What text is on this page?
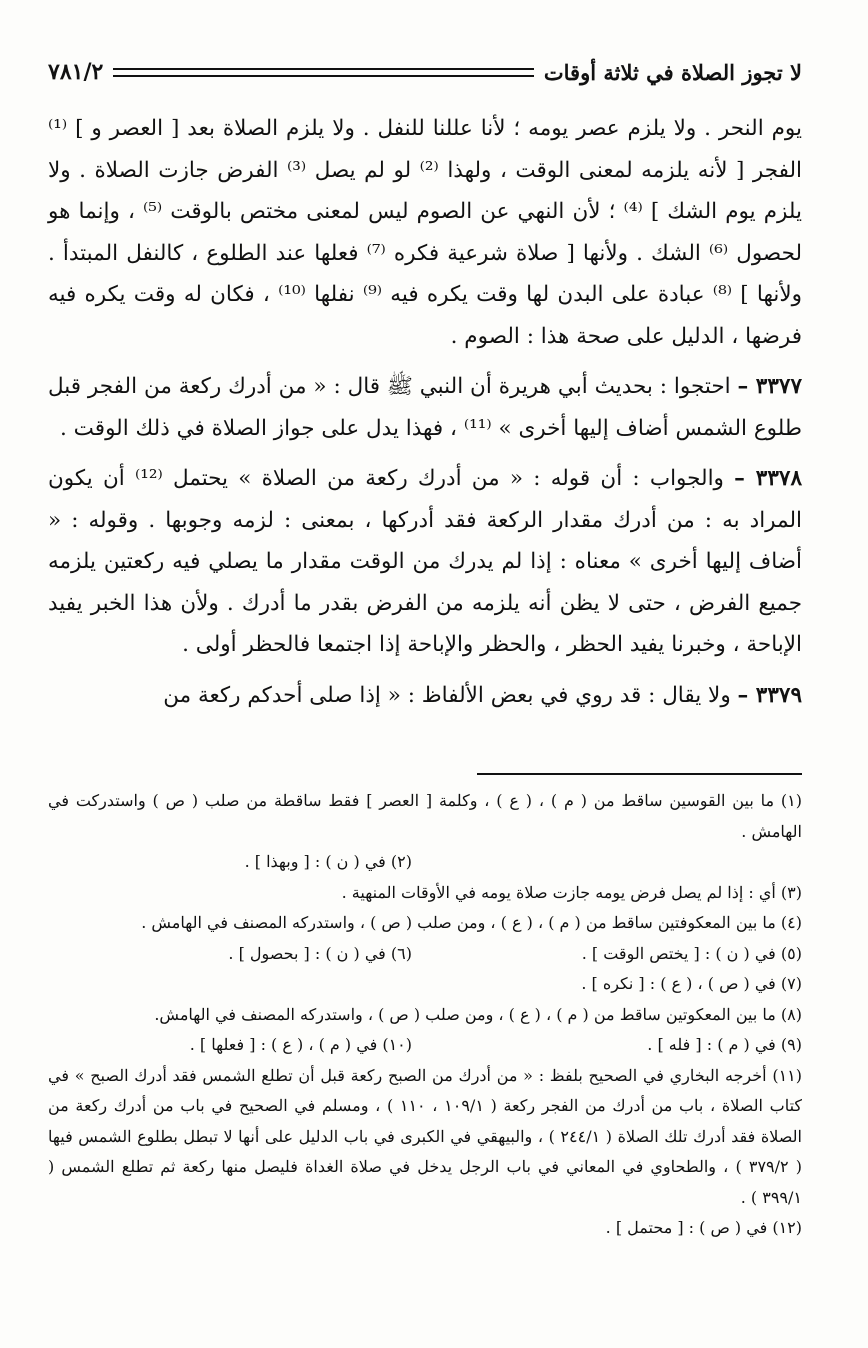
لا تجوز الصلاة في ثلاثة أوقات
٧٨١/٢

يوم النحر . ولا يلزم عصر يومه ؛ لأنا عللنا للنفل . ولا يلزم الصلاة بعد [ العصر و ] ⁽¹⁾ الفجر [ لأنه يلزمه لمعنى الوقت ، ولهذا ⁽²⁾ لو لم يصل ⁽³⁾ الفرض جازت الصلاة . ولا يلزم يوم الشك ] ⁽⁴⁾ ؛ لأن النهي عن الصوم ليس لمعنى مختص بالوقت ⁽⁵⁾ ، وإنما هو لحصول ⁽⁶⁾ الشك . ولأنها [ صلاة شرعية فكره ⁽⁷⁾ فعلها عند الطلوع ، كالنفل المبتدأ . ولأنها ] ⁽⁸⁾ عبادة على البدن لها وقت يكره فيه ⁽⁹⁾ نفلها ⁽¹⁰⁾ ، فكان له وقت يكره فيه فرضها ، الدليل على صحة هذا : الصوم .

٣٣٧٧ – احتجوا : بحديث أبي هريرة أن النبي ﷺ قال : « من أدرك ركعة من الفجر قبل طلوع الشمس أضاف إليها أخرى » ⁽¹¹⁾ ، فهذا يدل على جواز الصلاة في ذلك الوقت .

٣٣٧٨ – والجواب : أن قوله : « من أدرك ركعة من الصلاة » يحتمل ⁽¹²⁾ أن يكون المراد به : من أدرك مقدار الركعة فقد أدركها ، بمعنى : لزمه وجوبها . وقوله : « أضاف إليها أخرى » معناه : إذا لم يدرك من الوقت مقدار ما يصلي فيه ركعتين يلزمه جميع الفرض ، حتى لا يظن أنه يلزمه من الفرض بقدر ما أدرك . ولأن هذا الخبر يفيد الإباحة ، وخبرنا يفيد الحظر ، والحظر والإباحة إذا اجتمعا فالحظر أولى .

٣٣٧٩ – ولا يقال : قد روي في بعض الألفاظ : « إذا صلى أحدكم ركعة من

(١) ما بين القوسين ساقط من ( م ) ، ( ع ) ، وكلمة [ العصر ] فقط ساقطة من صلب ( ص ) واستدركت في الهامش .

(٢) في ( ن ) : [ وبهذا ] .

(٣) أي : إذا لم يصل فرض يومه جازت صلاة يومه في الأوقات المنهية .

(٤) ما بين المعكوفتين ساقط من ( م ) ، ( ع ) ، ومن صلب ( ص ) ، واستدركه المصنف في الهامش .

(٥) في ( ن ) : [ يختص الوقت ] .
(٦) في ( ن ) : [ بحصول ] .

(٧) في ( ص ) ، ( ع ) : [ نكره ] .

(٨) ما بين المعكوتين ساقط من ( م ) ، ( ع ) ، ومن صلب ( ص ) ، واستدركه المصنف في الهامش.

(٩) في ( م ) : [ فله ] .
(١٠) في ( م ) ، ( ع ) : [ فعلها ] .

(١١) أخرجه البخاري في الصحيح بلفظ : « من أدرك من الصبح ركعة قبل أن تطلع الشمس فقد أدرك الصبح » في كتاب الصلاة ، باب من أدرك من الفجر ركعة ( ١٠٩/١ ، ١١٠ ) ، ومسلم في الصحيح في باب من أدرك ركعة من الصلاة فقد أدرك تلك الصلاة ( ٢٤٤/١ ) ، والبيهقي في الكبرى في باب الدليل على أنها لا تبطل بطلوع الشمس فيها ( ٣٧٩/٢ ) ، والطحاوي في المعاني في باب الرجل يدخل في صلاة الغداة فليصل منها ركعة ثم تطلع الشمس ( ٣٩٩/١ ) .

(١٢) في ( ص ) : [ محتمل ] .
